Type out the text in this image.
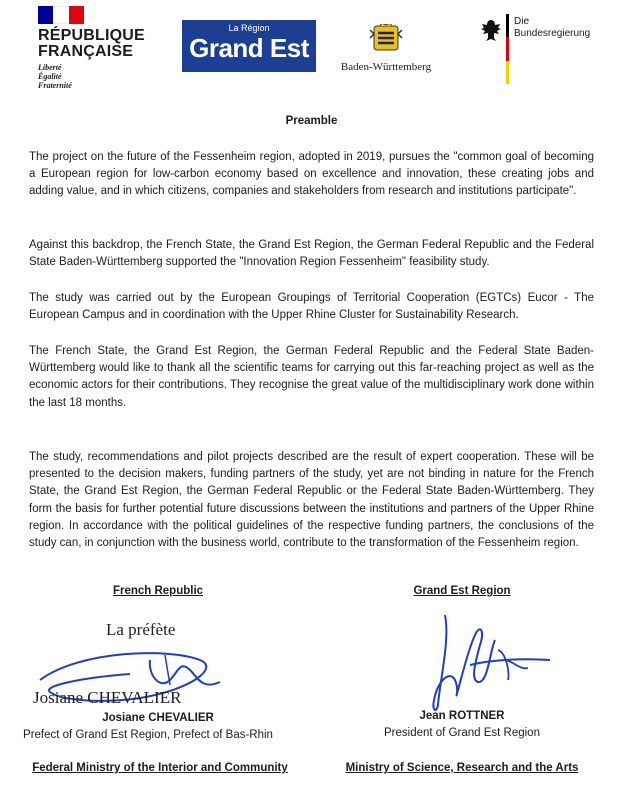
RÉPUBLIQUE
FRANÇAISE
Liberté
Égalité
Fraternité
La Région
Grand Est
Baden-Württemberg
Die
Bundesregierung
Preamble

The project on the future of the Fessenheim region, adopted in 2019, pursues the "common goal of becoming a European region for low-carbon economy based on excellence and innovation, these creating jobs and adding value, and in which citizens, companies and stakeholders from research and institutions participate".

Against this backdrop, the French State, the Grand Est Region, the German Federal Republic and the Federal State Baden-Württemberg supported the "Innovation Region Fessenheim" feasibility study.

The study was carried out by the European Groupings of Territorial Cooperation (EGTCs) Eucor - The European Campus and in coordination with the Upper Rhine Cluster for Sustainability Research.

The French State, the Grand Est Region, the German Federal Republic and the Federal State Baden-Württemberg would like to thank all the scientific teams for carrying out this far-reaching project as well as the economic actors for their contributions. They recognise the great value of the multidisciplinary work done within the last 18 months.

The study, recommendations and pilot projects described are the result of expert cooperation. These will be presented to the decision makers, funding partners of the study, yet are not binding in nature for the French State, the Grand Est Region, the German Federal Republic or the Federal State Baden-Württemberg. They form the basis for further potential future discussions between the institutions and partners of the Upper Rhine region. In accordance with the political guidelines of the respective funding partners, the conclusions of the study can, in conjunction with the business world, contribute to the transformation of the Fessenheim region.

French Republic	Grand Est Region
La préfète
Josiane CHEVALIER
Josiane CHEVALIER
Prefect of Grand Est Region, Prefect of Bas-Rhin
Jean ROTTNER
President of Grand Est Region
Federal Ministry of the Interior and Community	Ministry of Science, Research and the Arts
